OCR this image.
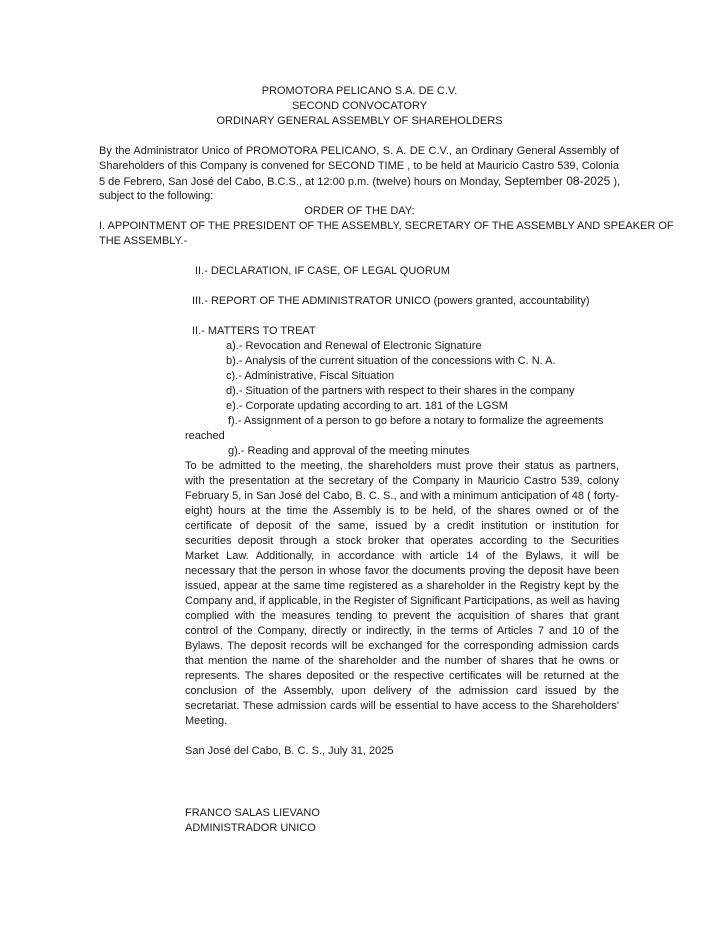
PROMOTORA PELICANO S.A. DE C.V.
SECOND CONVOCATORY
ORDINARY GENERAL ASSEMBLY OF SHAREHOLDERS
By the Administrator Unico of PROMOTORA PELICANO, S. A. DE C.V., an Ordinary General Assembly of
Shareholders of this Company is convened for SECOND TIME , to be held at Mauricio Castro 539, Colonia
5 de Febrero, San José del Cabo, B.C.S., at 12:00 p.m. (twelve) hours on Monday, September 08-2025 ),
subject to the following:
ORDER OF THE DAY:
I. APPOINTMENT OF THE PRESIDENT OF THE ASSEMBLY, SECRETARY OF THE ASSEMBLY AND SPEAKER OF
THE ASSEMBLY.-
II.- DECLARATION, IF CASE, OF LEGAL QUORUM
III.- REPORT OF THE ADMINISTRATOR UNICO (powers granted, accountability)
II.- MATTERS TO TREAT
a).- Revocation and Renewal of Electronic Signature
b).- Analysis of the current situation of the concessions with C. N. A.
c).- Administrative, Fiscal Situation
d).- Situation of the partners with respect to their shares in the company
e).- Corporate updating according to art. 181 of the LGSM
f).- Assignment of a person to go before a notary to formalize the agreements
reached
g).- Reading and approval of the meeting minutes
To be admitted to the meeting, the shareholders must prove their status as partners,
with the presentation at the secretary of the Company in Mauricio Castro 539, colony
February 5, in San José del Cabo, B. C. S., and with a minimum anticipation of 48 ( forty-
eight) hours at the time the Assembly is to be held, of the shares owned or of the
certificate of deposit of the same, issued by a credit institution or institution for
securities deposit through a stock broker that operates according to the Securities
Market Law. Additionally, in accordance with article 14 of the Bylaws, it will be
necessary that the person in whose favor the documents proving the deposit have been
issued, appear at the same time registered as a shareholder in the Registry kept by the
Company and, if applicable, in the Register of Significant Participations, as well as having
complied with the measures tending to prevent the acquisition of shares that grant
control of the Company, directly or indirectly, in the terms of Articles 7 and 10 of the
Bylaws. The deposit records will be exchanged for the corresponding admission cards
that mention the name of the shareholder and the number of shares that he owns or
represents. The shares deposited or the respective certificates will be returned at the
conclusion of the Assembly, upon delivery of the admission card issued by the
secretariat. These admission cards will be essential to have access to the Shareholders'
Meeting.
San José del Cabo, B. C. S., July 31, 2025
FRANCO SALAS LIEVANO
ADMINISTRADOR UNICO
